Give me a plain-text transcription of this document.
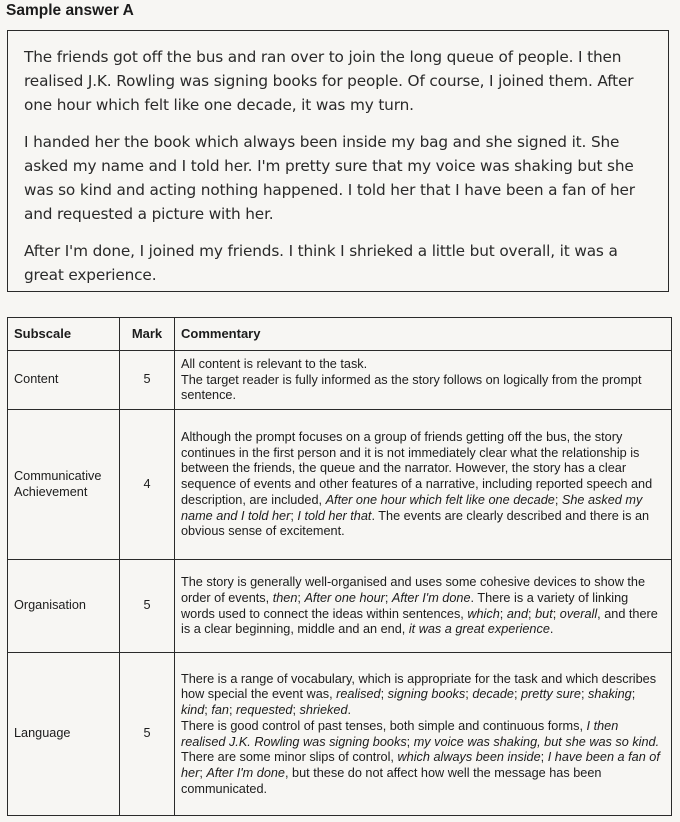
Sample answer A

The friends got off the bus and ran over to join the long queue of people. I then realised J.K. Rowling was signing books for people. Of course, I joined them. After one hour which felt like one decade, it was my turn.

I handed her the book which always been inside my bag and she signed it. She asked my name and I told her. I'm pretty sure that my voice was shaking but she was so kind and acting nothing happened. I told her that I have been a fan of her and requested a picture with her.

After I'm done, I joined my friends. I think I shrieked a little but overall, it was a great experience.

Subscale	Mark	Commentary
Content	5	All content is relevant to the task.
The target reader is fully informed as the story follows on logically from the prompt sentence.

Communicative Achievement	4	Although the prompt focuses on a group of friends getting off the bus, the story continues in the first person and it is not immediately clear what the relationship is between the friends, the queue and the narrator. However, the story has a clear sequence of events and other features of a narrative, including reported speech and description, are included, After one hour which felt like one decade; She asked my name and I told her; I told her that. The events are clearly described and there is an obvious sense of excitement.

Organisation	5	The story is generally well-organised and uses some cohesive devices to show the order of events, then; After one hour; After I'm done. There is a variety of linking words used to connect the ideas within sentences, which; and; but; overall, and there is a clear beginning, middle and an end, it was a great experience.

Language	5	There is a range of vocabulary, which is appropriate for the task and which describes how special the event was, realised; signing books; decade; pretty sure; shaking; kind; fan; requested; shrieked.
There is good control of past tenses, both simple and continuous forms, I then realised J.K. Rowling was signing books; my voice was shaking, but she was so kind.
There are some minor slips of control, which always been inside; I have been a fan of her; After I'm done, but these do not affect how well the message has been communicated.
